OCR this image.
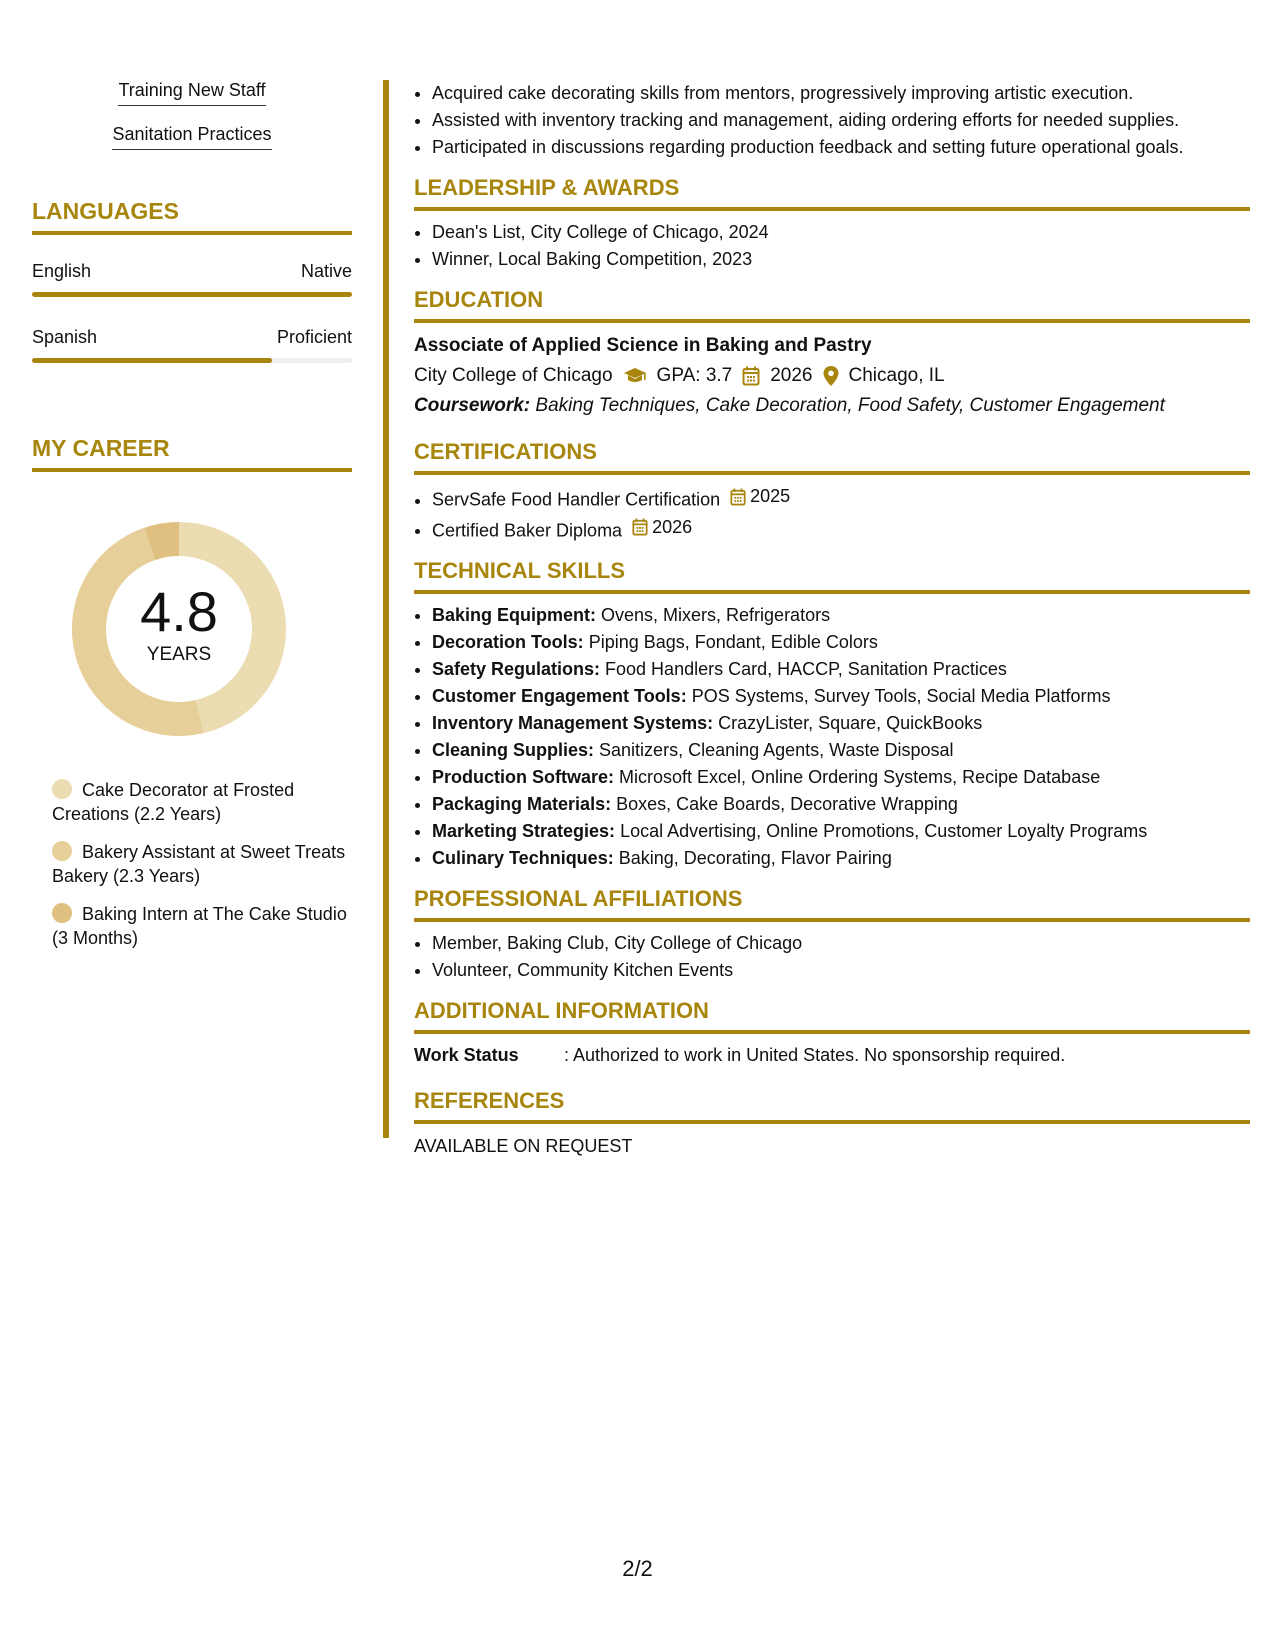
Training New Staff
Sanitation Practices
LANGUAGES
English	Native
Spanish	Proficient
MY CAREER
4.8
YEARS
Cake Decorator at Frosted Creations (2.2 Years)
Bakery Assistant at Sweet Treats Bakery (2.3 Years)
Baking Intern at The Cake Studio (3 Months)
• Acquired cake decorating skills from mentors, progressively improving artistic execution.
• Assisted with inventory tracking and management, aiding ordering efforts for needed supplies.
• Participated in discussions regarding production feedback and setting future operational goals.
LEADERSHIP & AWARDS
• Dean's List, City College of Chicago, 2024
• Winner, Local Baking Competition, 2023
EDUCATION
Associate of Applied Science in Baking and Pastry
City College of Chicago GPA: 3.7 2026 Chicago, IL
Coursework: Baking Techniques, Cake Decoration, Food Safety, Customer Engagement
CERTIFICATIONS
• ServSafe Food Handler Certification 2025
• Certified Baker Diploma 2026
TECHNICAL SKILLS
• Baking Equipment: Ovens, Mixers, Refrigerators
• Decoration Tools: Piping Bags, Fondant, Edible Colors
• Safety Regulations: Food Handlers Card, HACCP, Sanitation Practices
• Customer Engagement Tools: POS Systems, Survey Tools, Social Media Platforms
• Inventory Management Systems: CrazyLister, Square, QuickBooks
• Cleaning Supplies: Sanitizers, Cleaning Agents, Waste Disposal
• Production Software: Microsoft Excel, Online Ordering Systems, Recipe Database
• Packaging Materials: Boxes, Cake Boards, Decorative Wrapping
• Marketing Strategies: Local Advertising, Online Promotions, Customer Loyalty Programs
• Culinary Techniques: Baking, Decorating, Flavor Pairing
PROFESSIONAL AFFILIATIONS
• Member, Baking Club, City College of Chicago
• Volunteer, Community Kitchen Events
ADDITIONAL INFORMATION
Work Status	: Authorized to work in United States. No sponsorship required.
REFERENCES
AVAILABLE ON REQUEST
2/2
